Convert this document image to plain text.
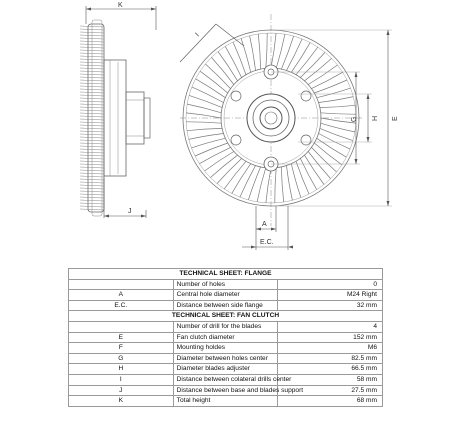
K
J
I
G H E
A
E.C.
TECHNICAL SHEET: FLANGE		
	Number of holes	0
A	Central hole diameter	M24 Right
E.C.	Distance between side flange	32 mm
TECHNICAL SHEET: FAN CLUTCH		
	Number of drill for the blades	4
E	Fan clutch diameter	152 mm
F	Mounting holdes	M6
G	Diameter between holes center	82.5 mm
H	Diameter blades adjuster	66.5 mm
I	Distance between colateral drills center	58 mm
J	Distance between base and blades support	27.5 mm
K	Total height	68 mm
